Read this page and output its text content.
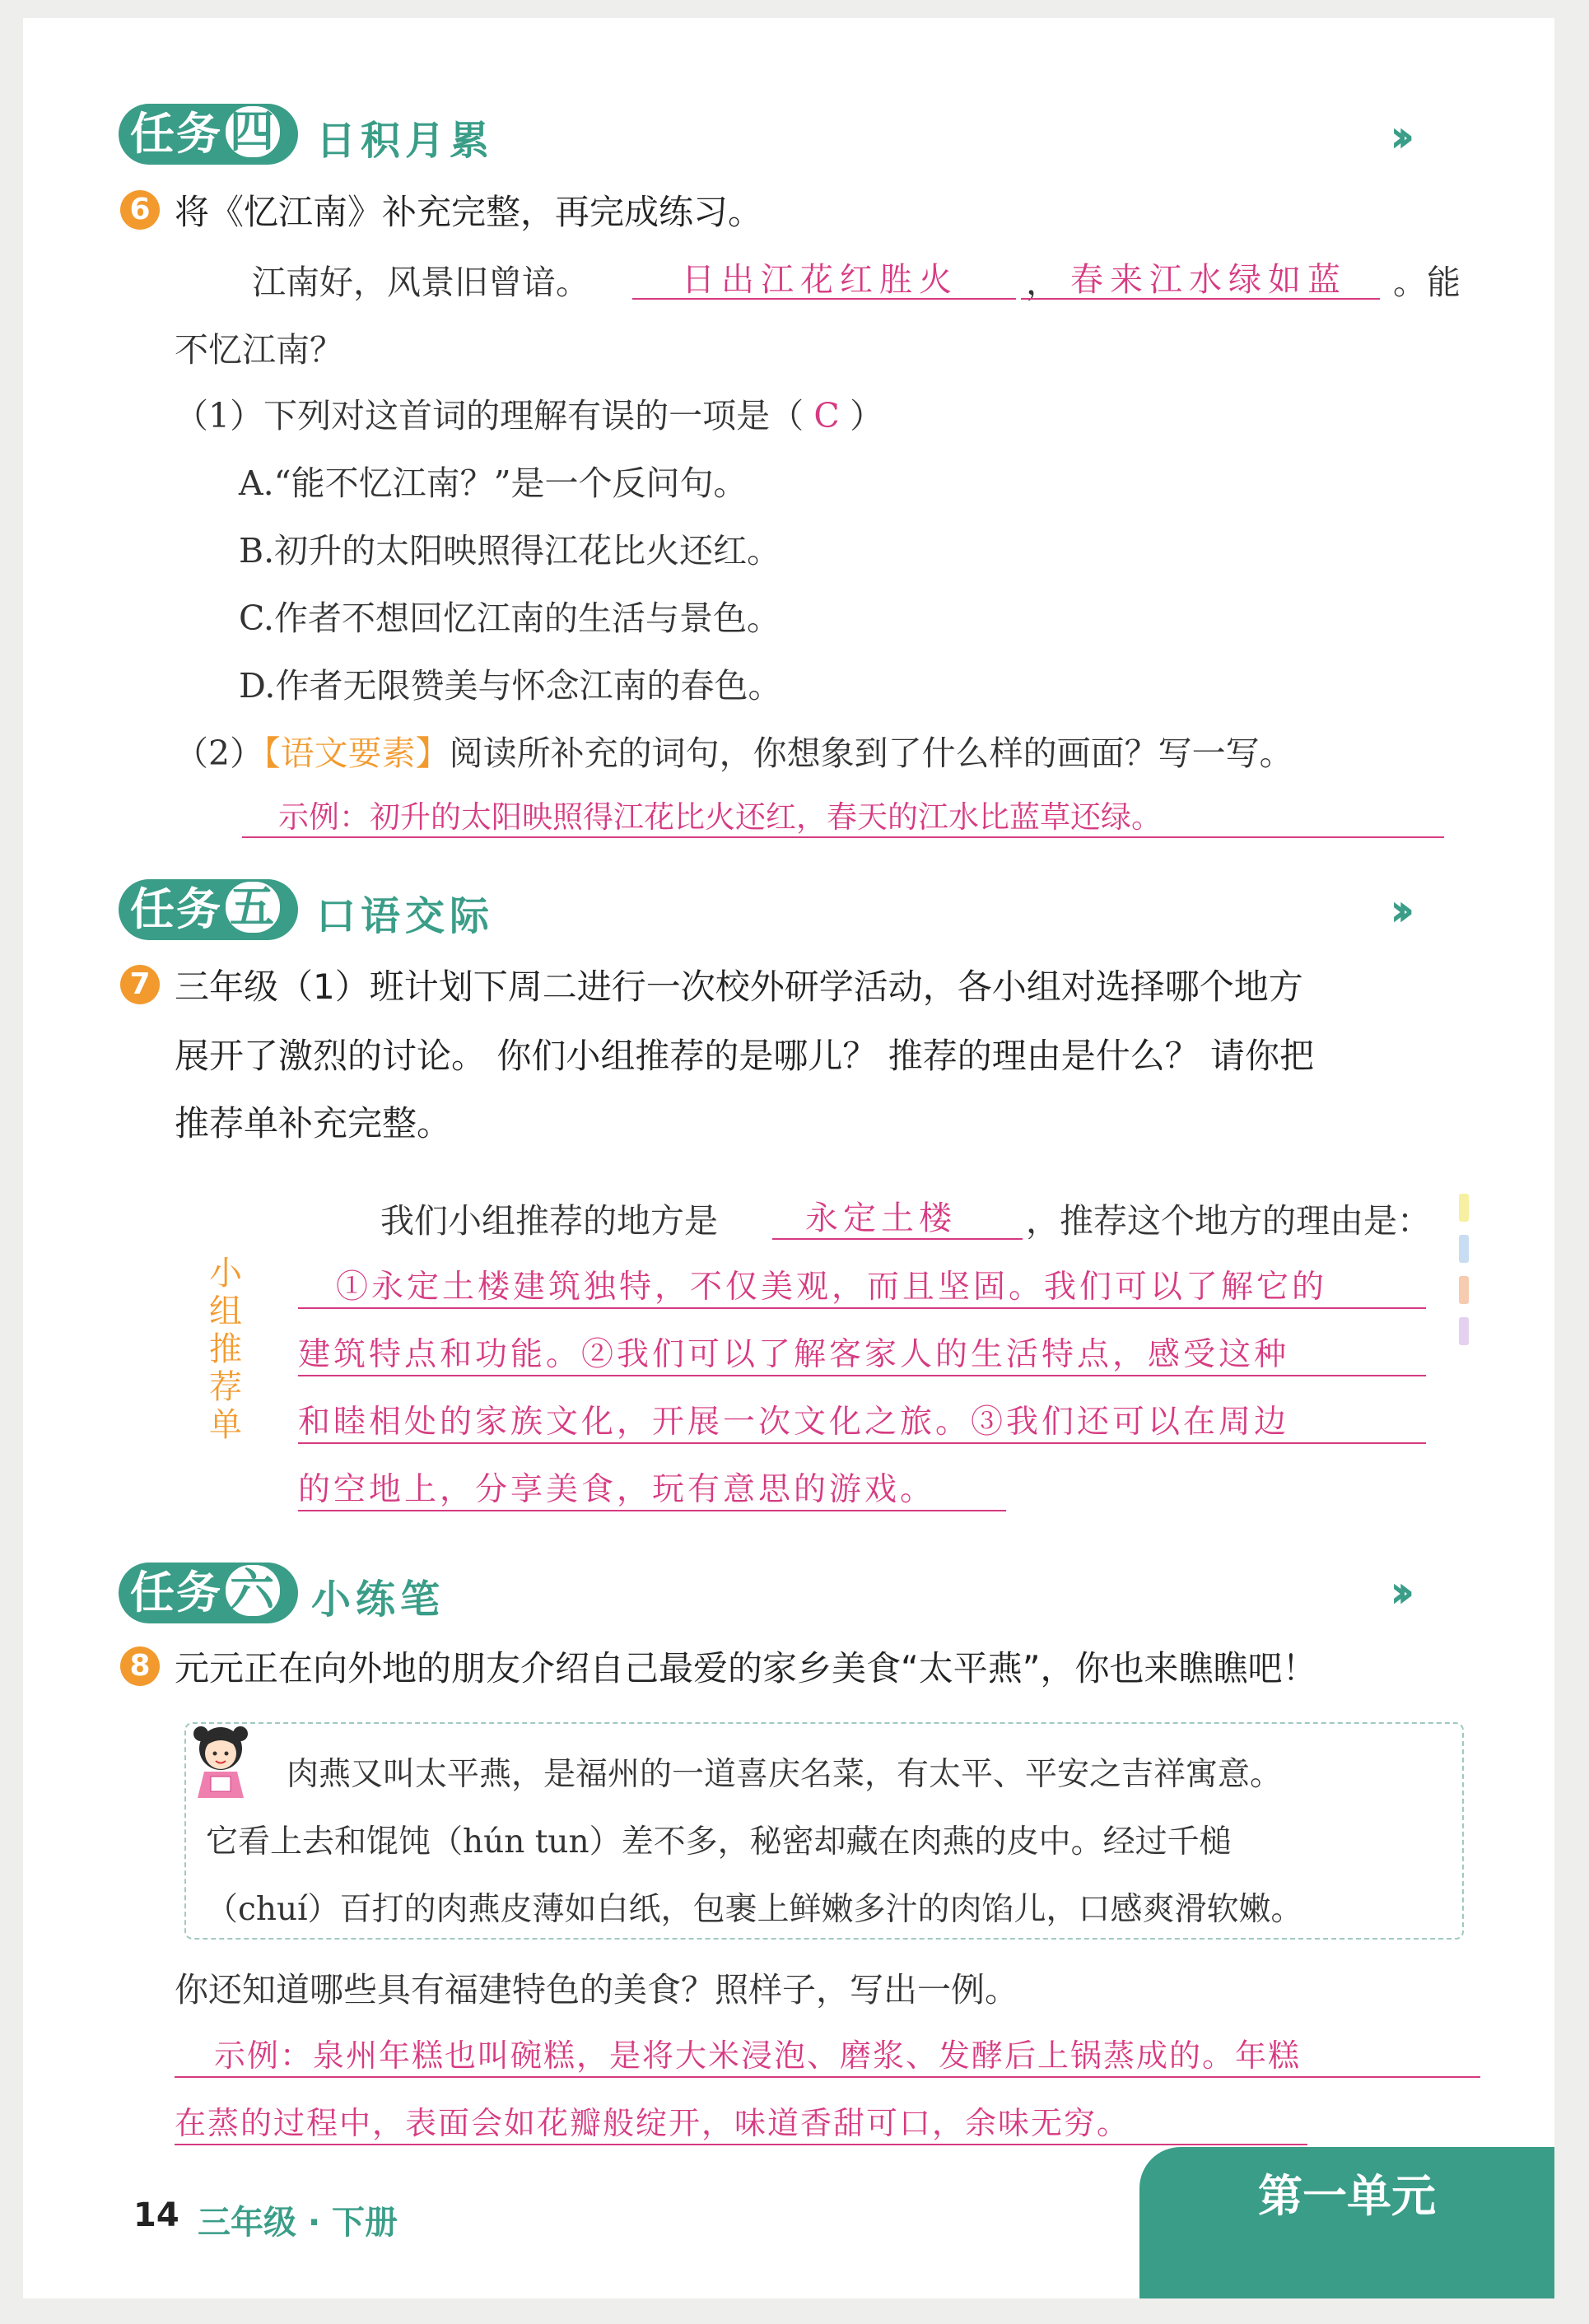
任务 四	日积月累	››
6 将《忆江南》补充完整，再完成练习。
江南好，风景旧曾谙。	日出江花红胜火 ， 春来江水绿如蓝 。能
不忆江南？
（1）下列对这首词的理解有误的一项是（ C ）
A.“能不忆江南？”是一个反问句。
B.初升的太阳映照得江花比火还红。
C.作者不想回忆江南的生活与景色。
D.作者无限赞美与怀念江南的春色。
（2）【语文要素】阅读所补充的词句，你想象到了什么样的画面？写一写。
示例：初升的太阳映照得江花比火还红，春天的江水比蓝草还绿。
任务 五	口语交际	››
7 三年级（1）班计划下周二进行一次校外研学活动，各小组对选择哪个地方
展开了激烈的讨论。 你们小组推荐的是哪儿？ 推荐的理由是什么？ 请你把
推荐单补充完整。
小
组
推
荐
单
我们小组推荐的地方是	永定土楼 ，推荐这个地方的理由是：
①永定土楼建筑独特，不仅美观，而且坚固。我们可以了解它的
建筑特点和功能。②我们可以了解客家人的生活特点，感受这种
和睦相处的家族文化，开展一次文化之旅。③我们还可以在周边
的空地上，分享美食，玩有意思的游戏。
任务 六 小练笔	››
8 元元正在向外地的朋友介绍自己最爱的家乡美食“太平燕”，你也来瞧瞧吧！
肉燕又叫太平燕，是福州的一道喜庆名菜，有太平、平安之吉祥寓意。
它看上去和馄饨（hún tun）差不多，秘密却藏在肉燕的皮中。经过千槌
（chuí）百打的肉燕皮薄如白纸，包裹上鲜嫩多汁的肉馅儿，口感爽滑软嫩。
你还知道哪些具有福建特色的美食？照样子，写出一例。
示例：泉州年糕也叫碗糕，是将大米浸泡、磨浆、发酵后上锅蒸成的。年糕
在蒸的过程中，表面会如花瓣般绽开，味道香甜可口，余味无穷。
14 三年级 · 下册
第一单元
